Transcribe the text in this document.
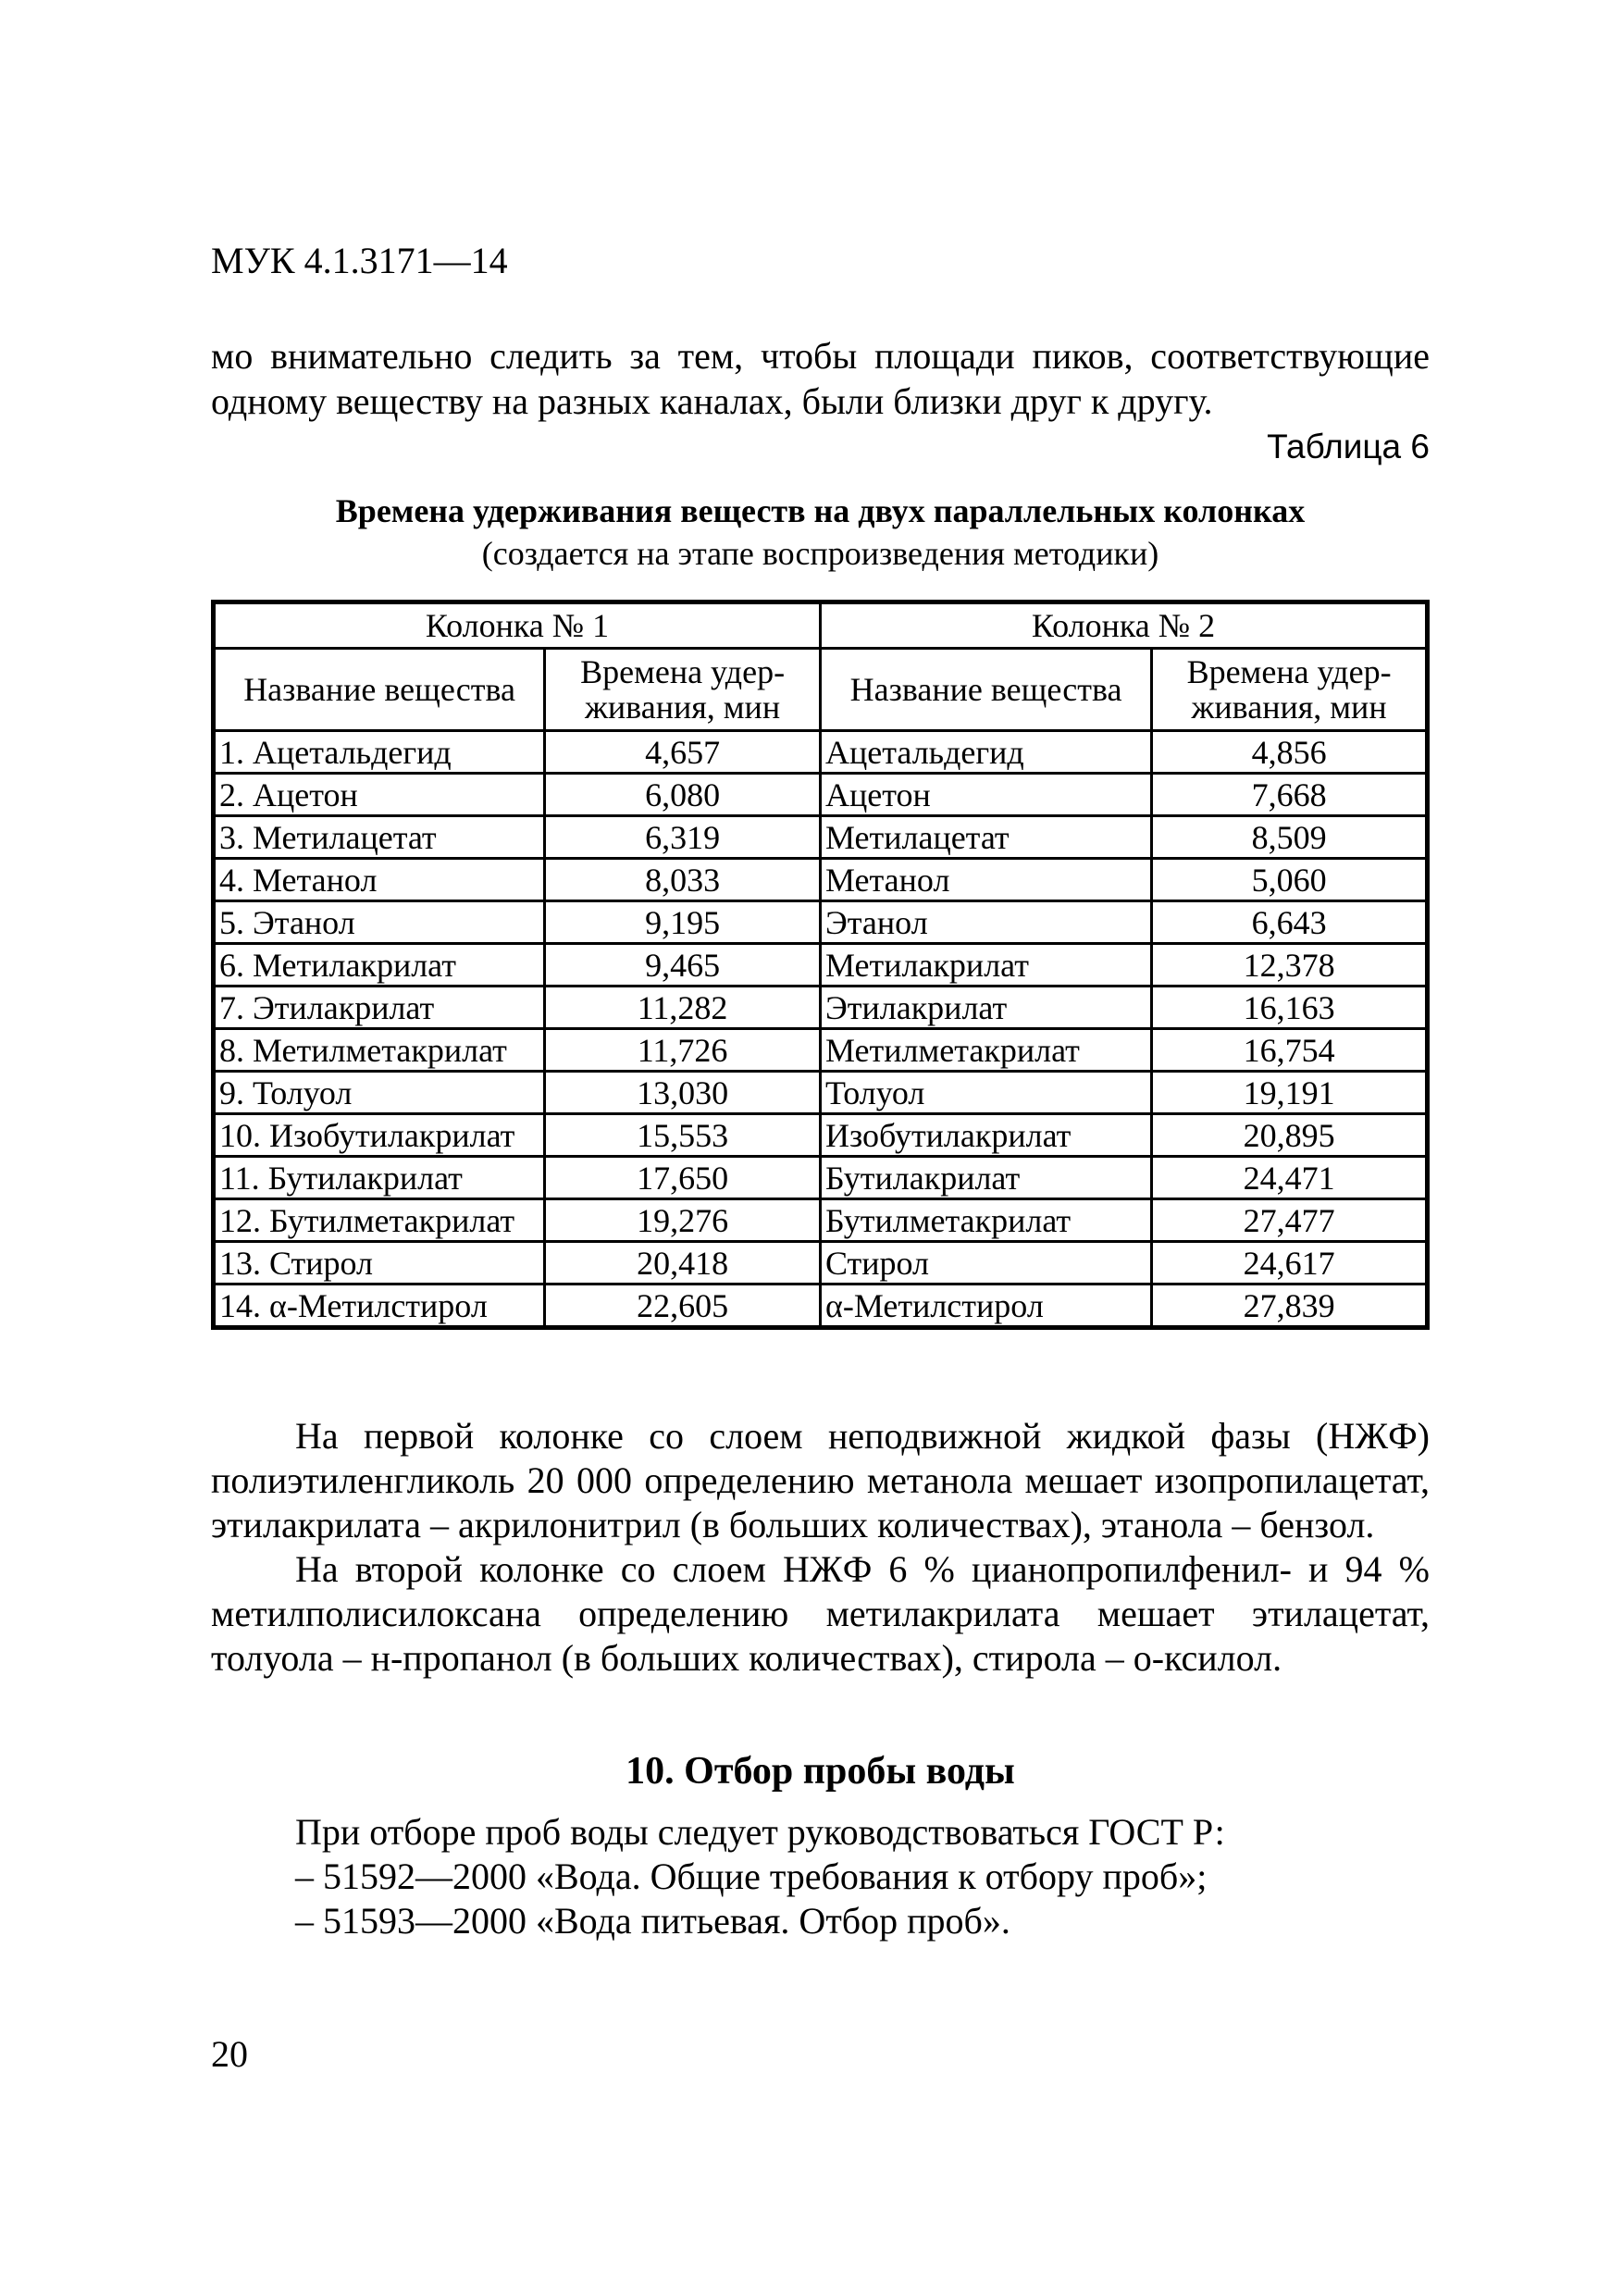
МУК 4.1.3171—14
мо внимательно следить за тем, чтобы площади пиков, соответствующие одному веществу на разных каналах, были близки друг к другу.
Таблица 6
Времена удерживания веществ на двух параллельных колонках
(создается на этапе воспроизведения методики)
Колонка № 1		Колонка № 2	
Название вещества	Времена удер-живания, мин	Название вещества	Времена удер-живания, мин
1. Ацетальдегид	4,657	Ацетальдегид	4,856
2. Ацетон	6,080	Ацетон	7,668
3. Метилацетат	6,319	Метилацетат	8,509
4. Метанол	8,033	Метанол	5,060
5. Этанол	9,195	Этанол	6,643
6. Метилакрилат	9,465	Метилакрилат	12,378
7. Этилакрилат	11,282	Этилакрилат	16,163
8. Метилметакрилат	11,726	Метилметакрилат	16,754
9. Толуол	13,030	Толуол	19,191
10. Изобутилакрилат	15,553	Изобутилакрилат	20,895
11. Бутилакрилат	17,650	Бутилакрилат	24,471
12. Бутилметакрилат	19,276	Бутилметакрилат	27,477
13. Стирол	20,418	Стирол	24,617
14. α-Метилстирол	22,605	α-Метилстирол	27,839

На первой колонке со слоем неподвижной жидкой фазы (НЖФ) полиэтиленгликоль 20 000 определению метанола мешает изопропилацетат, этилакрилата – акрилонитрил (в больших количествах), этанола – бензол.

На второй колонке со слоем НЖФ 6 % цианопропилфенил- и 94 % метилполисилоксана определению метилакрилата мешает этилацетат, толуола – н-пропанол (в больших количествах), стирола – о-ксилол.

10. Отбор пробы воды
При отборе проб воды следует руководствоваться ГОСТ Р:
– 51592—2000 «Вода. Общие требования к отбору проб»;
– 51593—2000 «Вода питьевая. Отбор проб».
20
